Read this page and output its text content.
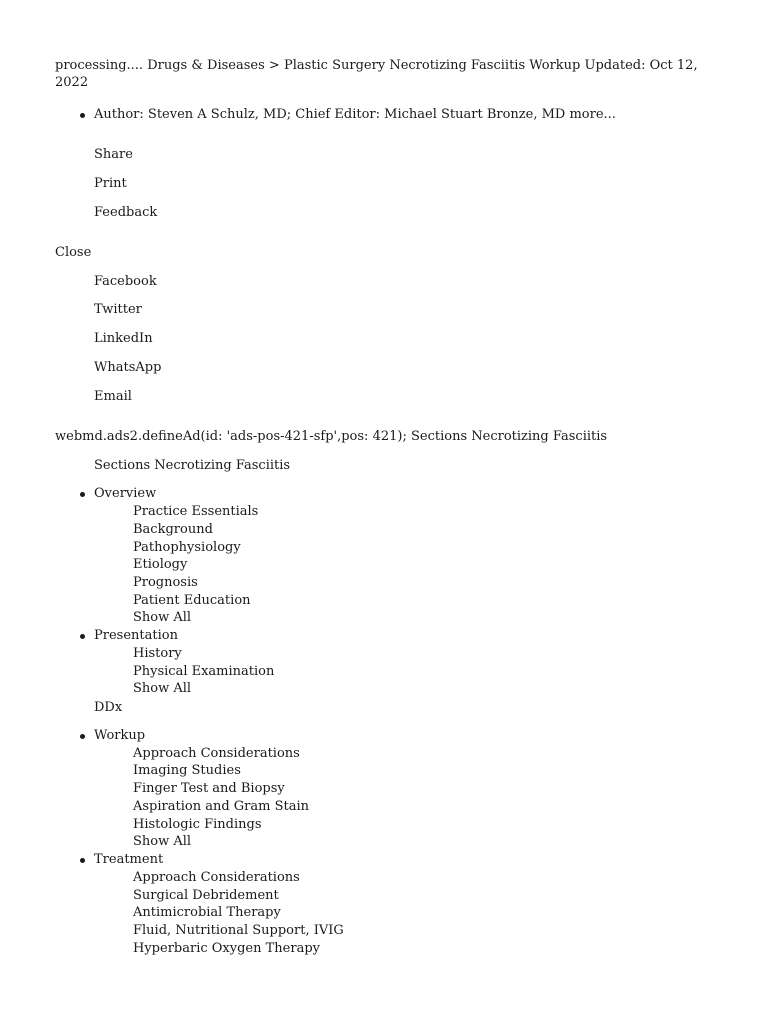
processing.... Drugs & Diseases > Plastic Surgery Necrotizing Fasciitis Workup Updated: Oct 12, 2022
Author: Steven A Schulz, MD; Chief Editor: Michael Stuart Bronze, MD more...
Share
Print
Feedback
Close
Facebook
Twitter
LinkedIn
WhatsApp
Email
webmd.ads2.defineAd(id: 'ads-pos-421-sfp',pos: 421); Sections Necrotizing Fasciitis
Sections Necrotizing Fasciitis
Overview
Practice Essentials
Background
Pathophysiology
Etiology
Prognosis
Patient Education
Show All
Presentation
History
Physical Examination
Show All
DDx
Workup
Approach Considerations
Imaging Studies
Finger Test and Biopsy
Aspiration and Gram Stain
Histologic Findings
Show All
Treatment
Approach Considerations
Surgical Debridement
Antimicrobial Therapy
Fluid, Nutritional Support, IVIG
Hyperbaric Oxygen Therapy
